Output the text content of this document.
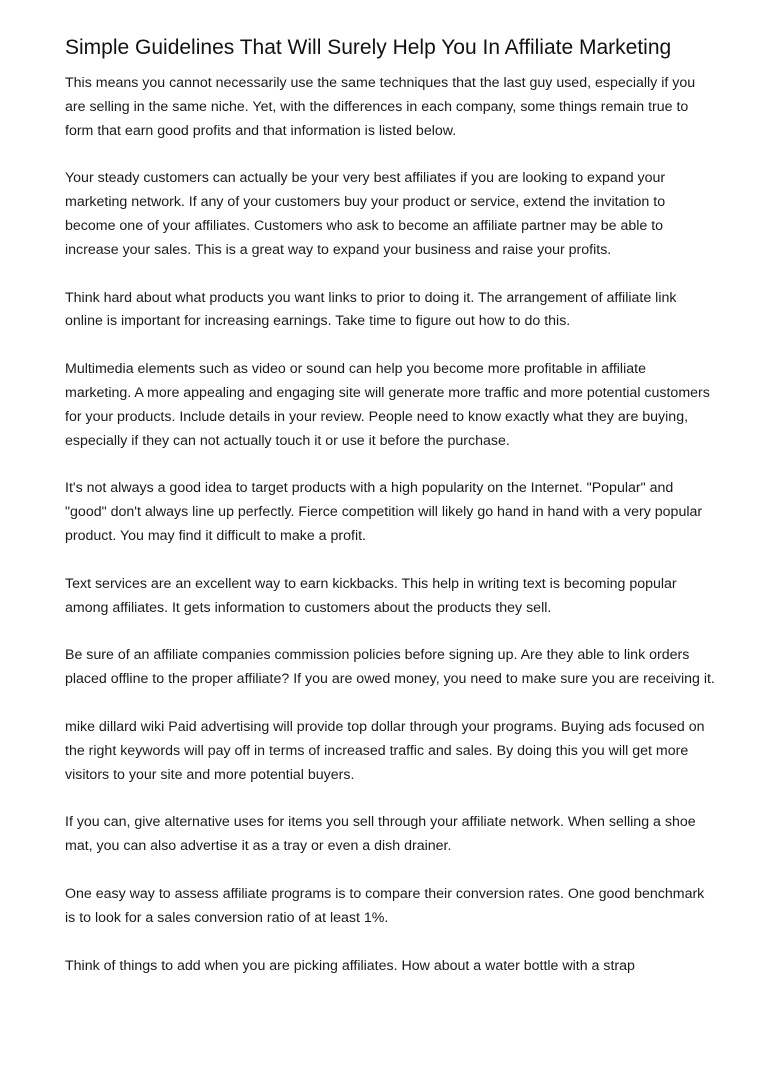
Simple Guidelines That Will Surely Help You In Affiliate Marketing

This means you cannot necessarily use the same techniques that the last guy used, especially if you are selling in the same niche. Yet, with the differences in each company, some things remain true to form that earn good profits and that information is listed below.

Your steady customers can actually be your very best affiliates if you are looking to expand your marketing network. If any of your customers buy your product or service, extend the invitation to become one of your affiliates. Customers who ask to become an affiliate partner may be able to increase your sales. This is a great way to expand your business and raise your profits.

Think hard about what products you want links to prior to doing it. The arrangement of affiliate link online is important for increasing earnings. Take time to figure out how to do this.

Multimedia elements such as video or sound can help you become more profitable in affiliate marketing. A more appealing and engaging site will generate more traffic and more potential customers for your products. Include details in your review. People need to know exactly what they are buying, especially if they can not actually touch it or use it before the purchase.

It's not always a good idea to target products with a high popularity on the Internet. "Popular" and "good" don't always line up perfectly. Fierce competition will likely go hand in hand with a very popular product. You may find it difficult to make a profit.

Text services are an excellent way to earn kickbacks. This help in writing text is becoming popular among affiliates. It gets information to customers about the products they sell.

Be sure of an affiliate companies commission policies before signing up. Are they able to link orders placed offline to the proper affiliate? If you are owed money, you need to make sure you are receiving it.

mike dillard wiki Paid advertising will provide top dollar through your programs. Buying ads focused on the right keywords will pay off in terms of increased traffic and sales. By doing this you will get more visitors to your site and more potential buyers.

If you can, give alternative uses for items you sell through your affiliate network. When selling a shoe mat, you can also advertise it as a tray or even a dish drainer.

One easy way to assess affiliate programs is to compare their conversion rates. One good benchmark is to look for a sales conversion ratio of at least 1%.

Think of things to add when you are picking affiliates. How about a water bottle with a strap
